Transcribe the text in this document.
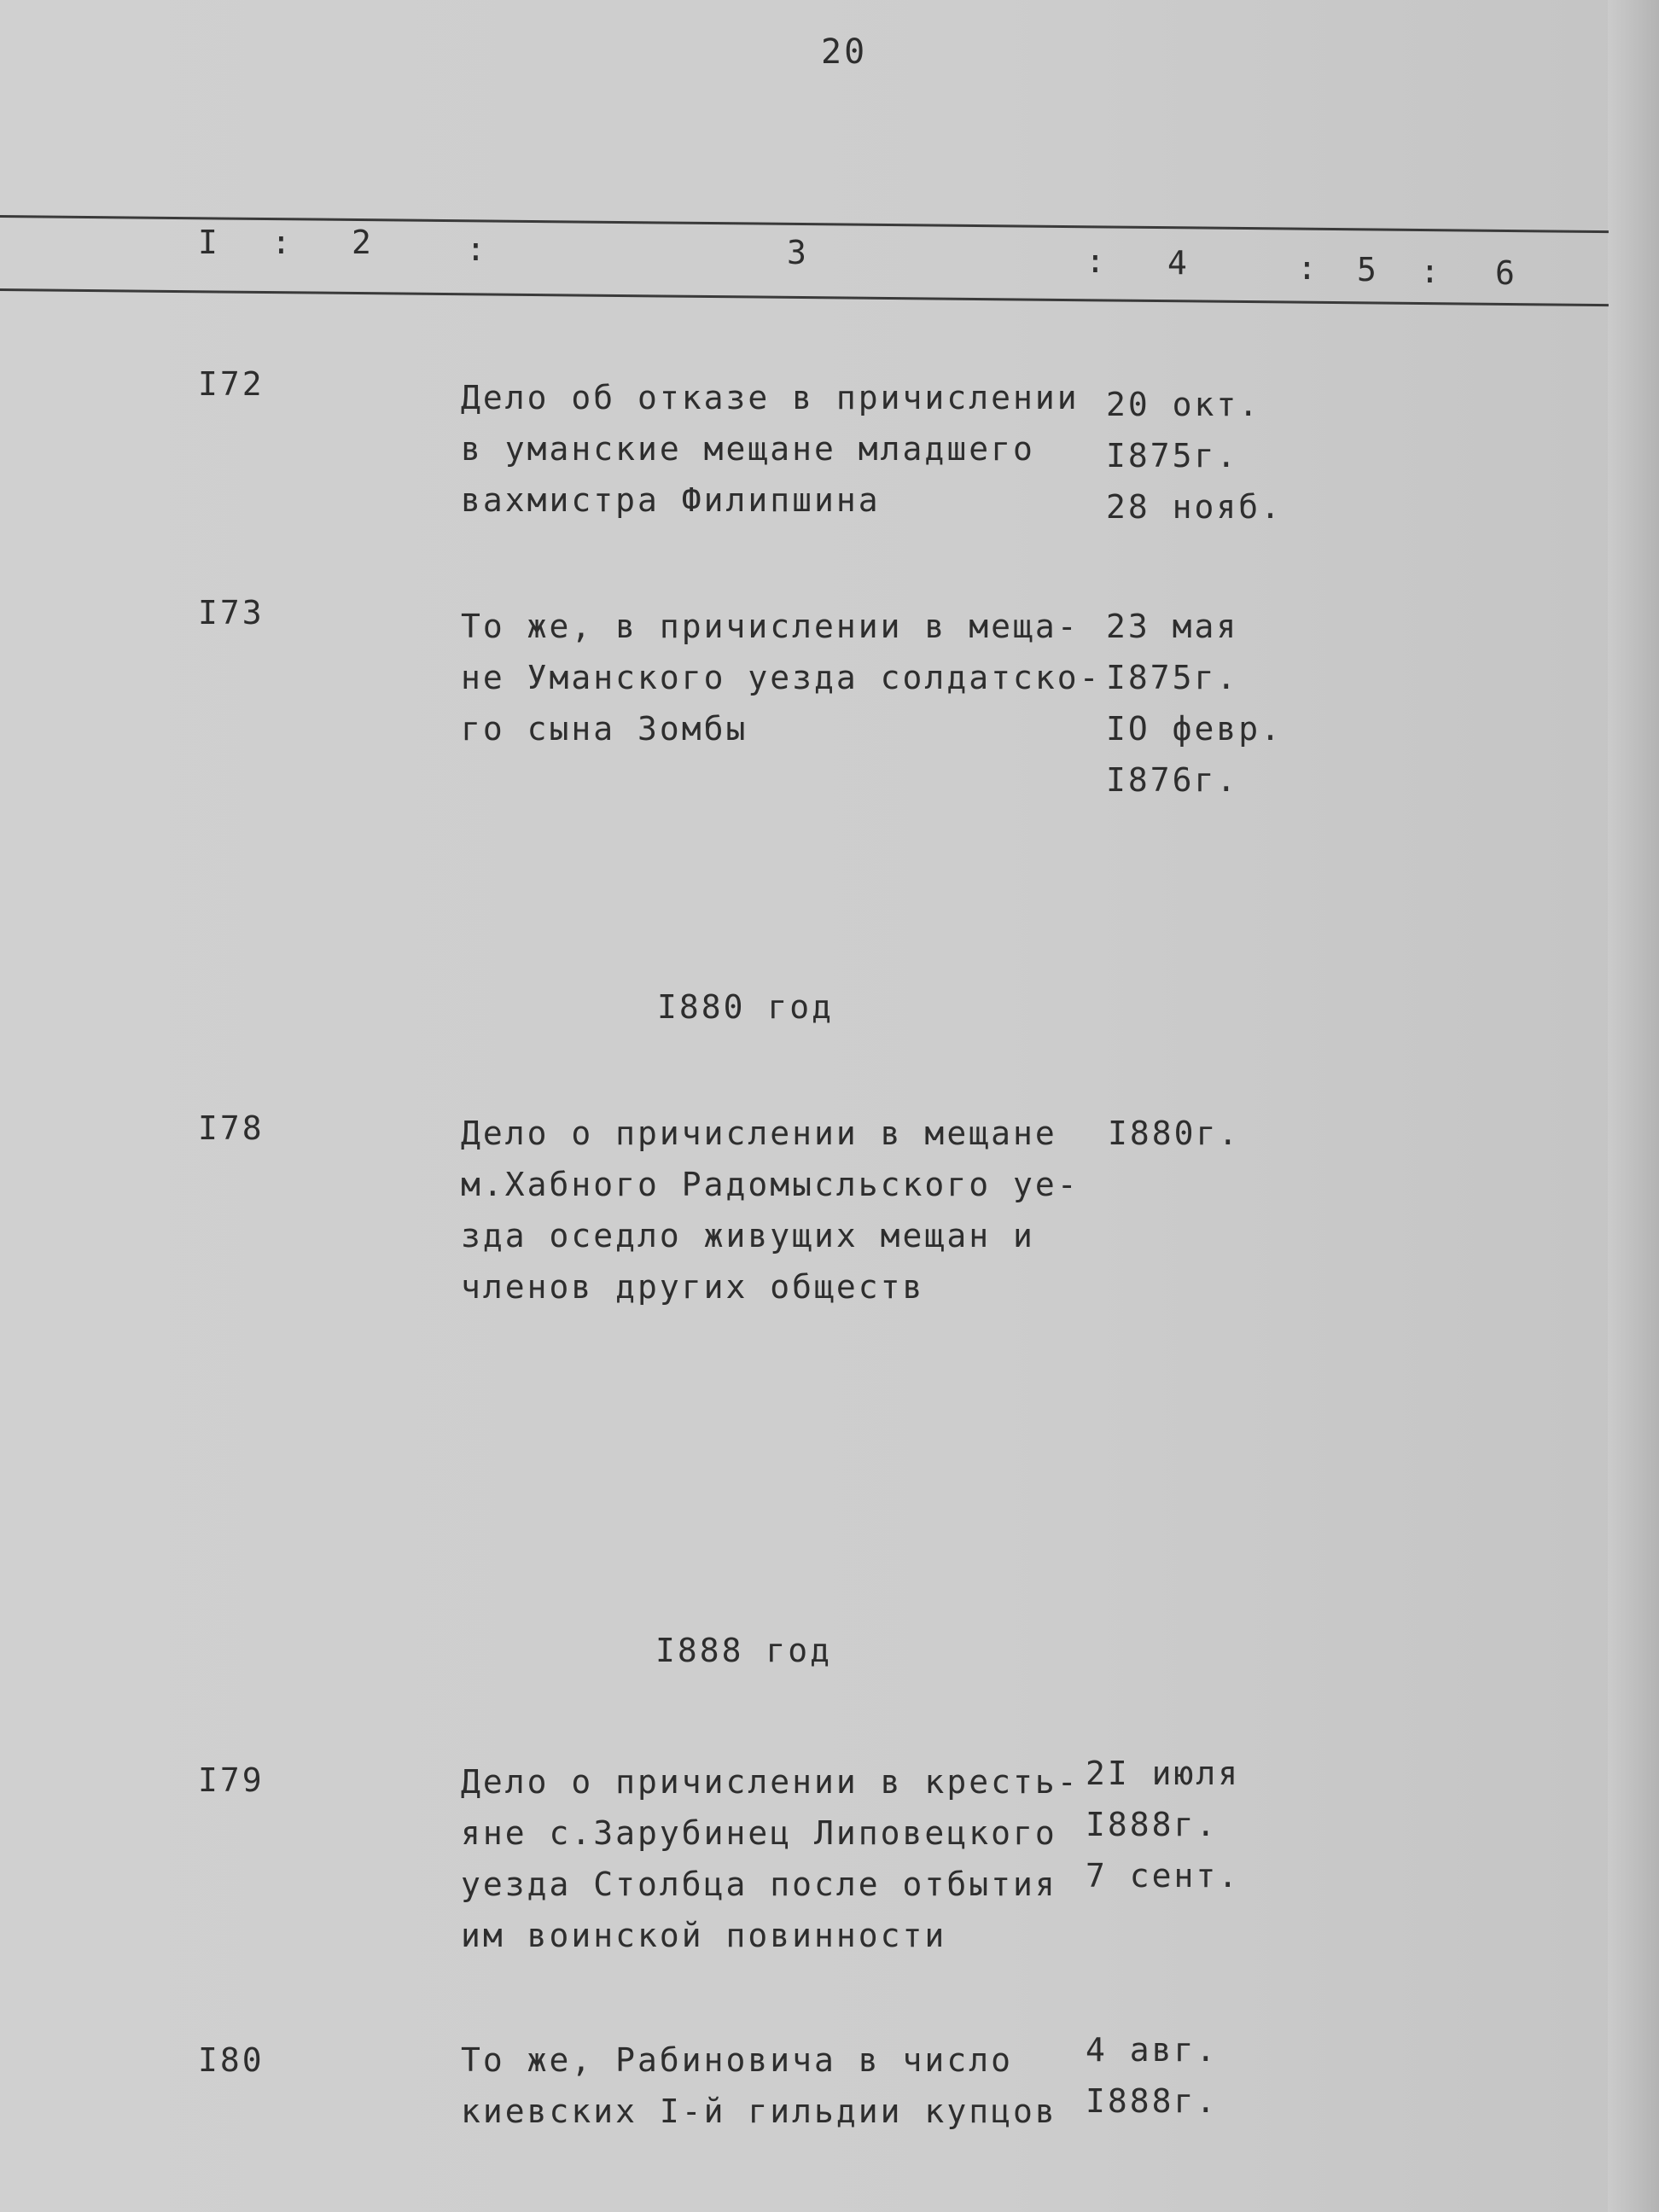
20
I : 2	:	3	: 4	: 5 : 6
I72	Дело об отказе в причислении
в уманские мещане младшего
вахмистра Филипшина
20 окт.
I875г.
28 нояб.
I73	То же, в причислении в меща-
не Уманского уезда солдатско-
го сына Зомбы
23 мая
I875г.
IO февр.
I876г.
I880 год
I78	Дело о причислении в мещане
м.Хабного Радомысльского уе-
зда оседло живущих мещан и
членов других обществ
I880г.
I888 год
I79	Дело о причислении в кресть-
яне с.Зарубинец Липовецкого
уезда Столбца после отбытия
им воинской повинности
2I июля
I888г.
7 сент.
I80	То же, Рабиновича в число
киевских I-й гильдии купцов
4 авг.
I888г.
